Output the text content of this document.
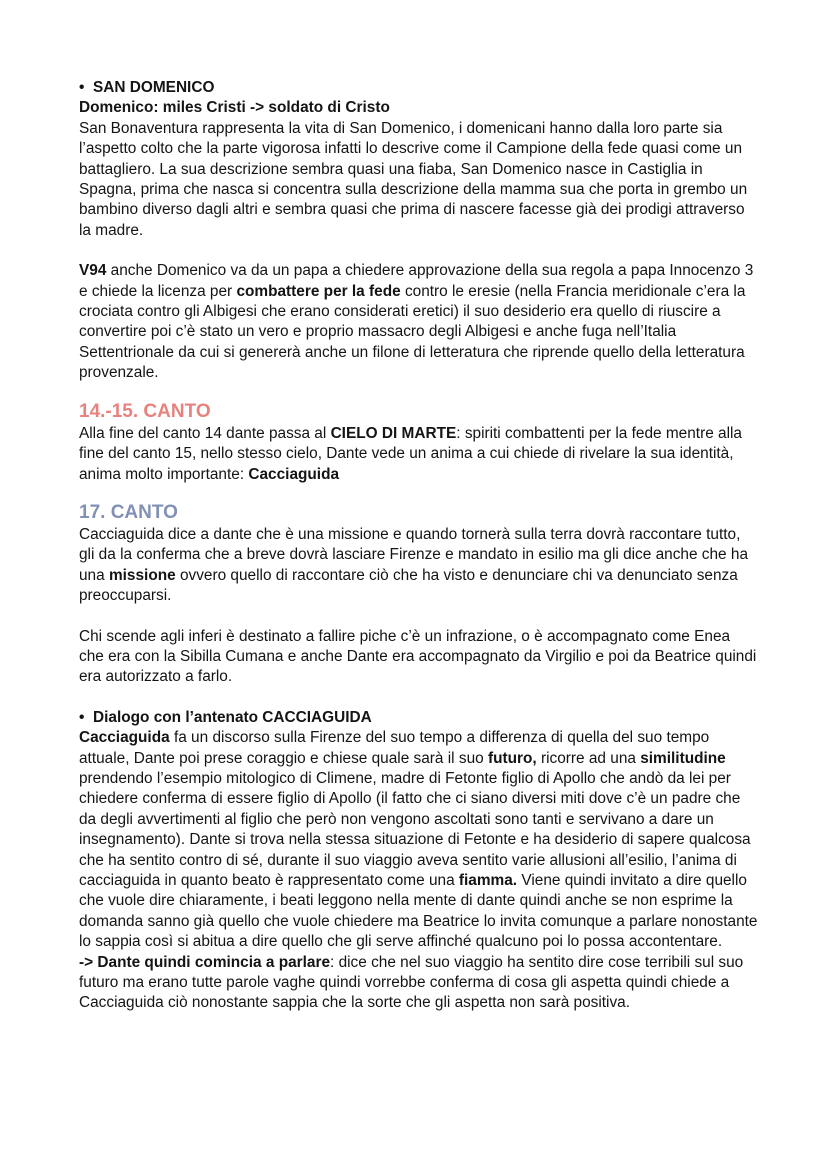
• SAN DOMENICO

Domenico: miles Cristi -> soldato di Cristo

San Bonaventura rappresenta la vita di San Domenico, i domenicani hanno dalla loro parte sia l’aspetto colto che la parte vigorosa infatti lo descrive come il Campione della fede quasi come un battagliero. La sua descrizione sembra quasi una fiaba, San Domenico nasce in Castiglia in Spagna, prima che nasca si concentra sulla descrizione della mamma sua che porta in grembo un bambino diverso dagli altri e sembra quasi che prima di nascere facesse già dei prodigi attraverso la madre.

V94 anche Domenico va da un papa a chiedere approvazione della sua regola a papa Innocenzo 3 e chiede la licenza per combattere per la fede contro le eresie (nella Francia meridionale c’era la crociata contro gli Albigesi che erano considerati eretici) il suo desiderio era quello di riuscire a convertire poi c’è stato un vero e proprio massacro degli Albigesi e anche fuga nell’Italia Settentrionale da cui si genererà anche un filone di letteratura che riprende quello della letteratura provenzale.

14.-15. CANTO

Alla fine del canto 14 dante passa al CIELO DI MARTE: spiriti combattenti per la fede mentre alla fine del canto 15, nello stesso cielo, Dante vede un anima a cui chiede di rivelare la sua identità, anima molto importante: Cacciaguida

17. CANTO

Cacciaguida dice a dante che è una missione e quando tornerà sulla terra dovrà raccontare tutto, gli da la conferma che a breve dovrà lasciare Firenze e mandato in esilio ma gli dice anche che ha una missione ovvero quello di raccontare ciò che ha visto e denunciare chi va denunciato senza preoccuparsi.

Chi scende agli inferi è destinato a fallire piche c’è un infrazione, o è accompagnato come Enea che era con la Sibilla Cumana e anche Dante era accompagnato da Virgilio e poi da Beatrice quindi era autorizzato a farlo.

• Dialogo con l’antenato CACCIAGUIDA

Cacciaguida fa un discorso sulla Firenze del suo tempo a differenza di quella del suo tempo attuale, Dante poi prese coraggio e chiese quale sarà il suo futuro, ricorre ad una similitudine prendendo l’esempio mitologico di Climene, madre di Fetonte figlio di Apollo che andò da lei per chiedere conferma di essere figlio di Apollo (il fatto che ci siano diversi miti dove c’è un padre che da degli avvertimenti al figlio che però non vengono ascoltati sono tanti e servivano a dare un insegnamento). Dante si trova nella stessa situazione di Fetonte e ha desiderio di sapere qualcosa che ha sentito contro di sé, durante il suo viaggio aveva sentito varie allusioni all’esilio, l’anima di cacciaguida in quanto beato è rappresentato come una fiamma. Viene quindi invitato a dire quello che vuole dire chiaramente, i beati leggono nella mente di dante quindi anche se non esprime la domanda sanno già quello che vuole chiedere ma Beatrice lo invita comunque a parlare nonostante lo sappia così si abitua a dire quello che gli serve affinché qualcuno poi lo possa accontentare.

-> Dante quindi comincia a parlare: dice che nel suo viaggio ha sentito dire cose terribili sul suo futuro ma erano tutte parole vaghe quindi vorrebbe conferma di cosa gli aspetta quindi chiede a Cacciaguida ciò nonostante sappia che la sorte che gli aspetta non sarà positiva.
